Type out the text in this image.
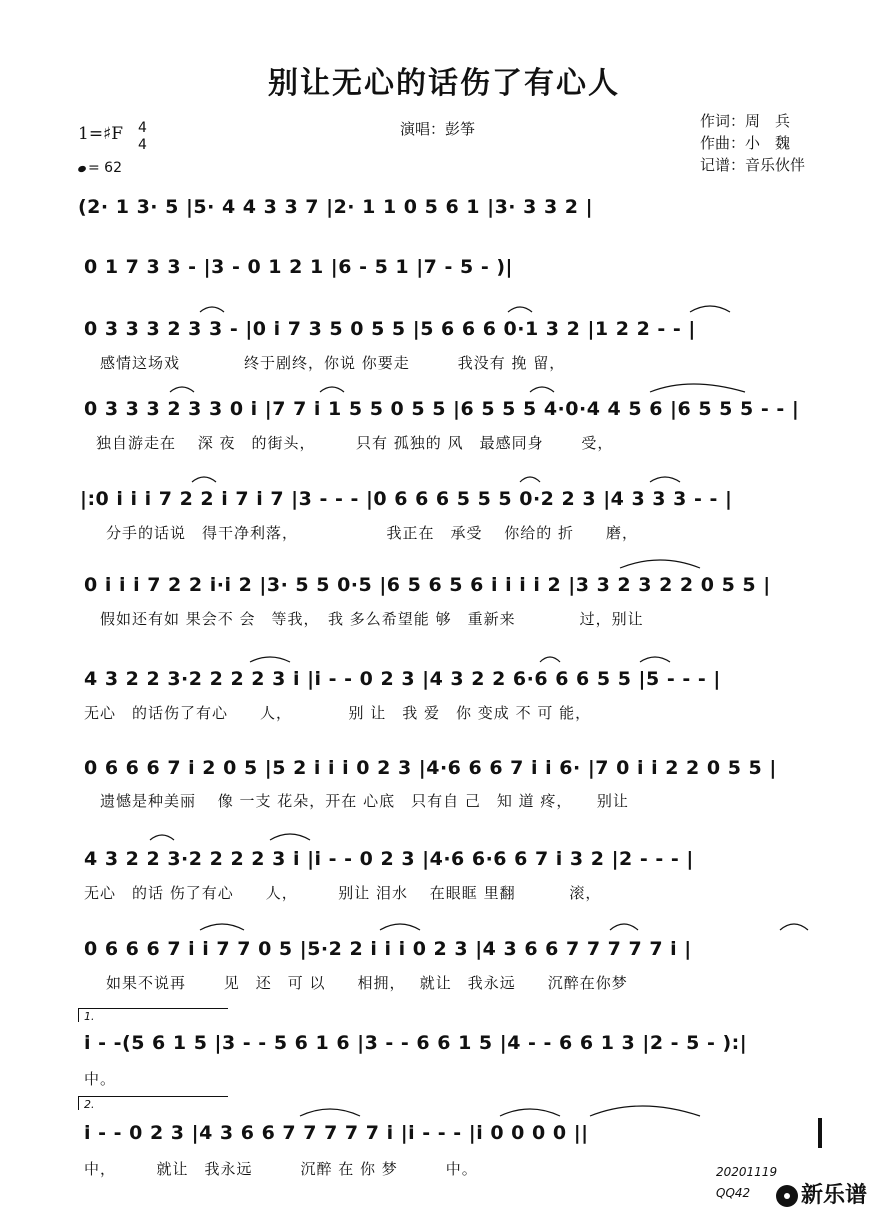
别让无心的话伤了有心人
演唱：彭筝	作词：周　兵
作曲：小　魏
记谱：音乐伙伴
1=♯F 4
4
= 62
(2· 1 3· 5 |5· 4 4 3 3 7 |2· 1 1 0 5 6 1 |3· 3 3 2 |
0 1 7 3 3 - |3 - 0 1 2 1 |6 - 5 1 |7 - 5 - )|
0 3 3 3 2 3 3 - |0 i 7 3 5 0 5 5 |5 6 6 6 0·1 3 2 |1 2 2 - - |
感情这场戏　　　　终于剧终，你说 你要走　　　我没有 挽 留，
0 3 3 3 2 3 3 0 i |7 7 i 1 5 5 0 5 5 |6 5 5 5 4·0·4 4 5 6 |6 5 5 5 - - |
独自游走在　 深 夜　的街头，　　　只有 孤独的 风　最感同身　　 受，
|:0 i i i 7 2 2 i 7 i 7 |3 - - - |0 6 6 6 5 5 5 0·2 2 3 |4 3 3 3 - - |
分手的话说　得干净利落，　　　　　　我正在　承受　 你给的 折　　磨，
0 i i i 7 2 2 i·i 2 |3· 5 5 0·5 |6 5 6 5 6 i i i i 2 |3 3 2 3 2 2 0 5 5 |
假如还有如 果会不 会　等我，　我 多么希望能 够　重新来　　　　过，别让
4 3 2 2 3·2 2 2 2 3 i |i - - 0 2 3 |4 3 2 2 6·6 6 6 5 5 |5 - - - |
无心　的话伤了有心　　人，　　　　别 让　我 爱　你 变成 不 可 能，
0 6 6 6 7 i 2 0 5 |5 2 i i i 0 2 3 |4·6 6 6 7 i i 6· |7 0 i i 2 2 0 5 5 |
遗憾是种美丽　 像 一支 花朵，开在 心底　只有自 己　知 道 疼，　　别让
4 3 2 2 3·2 2 2 2 3 i |i - - 0 2 3 |4·6 6·6 6 7 i 3 2 |2 - - - |
无心　的话 伤了有心　　人，　　　别让 泪水　 在眼眶 里翻　　　 滚，
0 6 6 6 7 i i 7 7 0 5 |5·2 2 i i i 0 2 3 |4 3 6 6 7 7 7 7 7 i |
如果不说再　　 见　还　可 以　　相拥，　 就让　我永远　　沉醉在你梦
1.
i - -(5 6 1 5 |3 - - 5 6 1 6 |3 - - 6 6 1 5 |4 - - 6 6 1 3 |2 - 5 - ):|
中。
2.
i - - 0 2 3 |4 3 6 6 7 7 7 7 7 i |i - - - |i 0 0 0 0 ||
中，　　　就让　我永远　　　沉醉 在 你 梦　　　中。	20201119
QQ42	新乐谱
